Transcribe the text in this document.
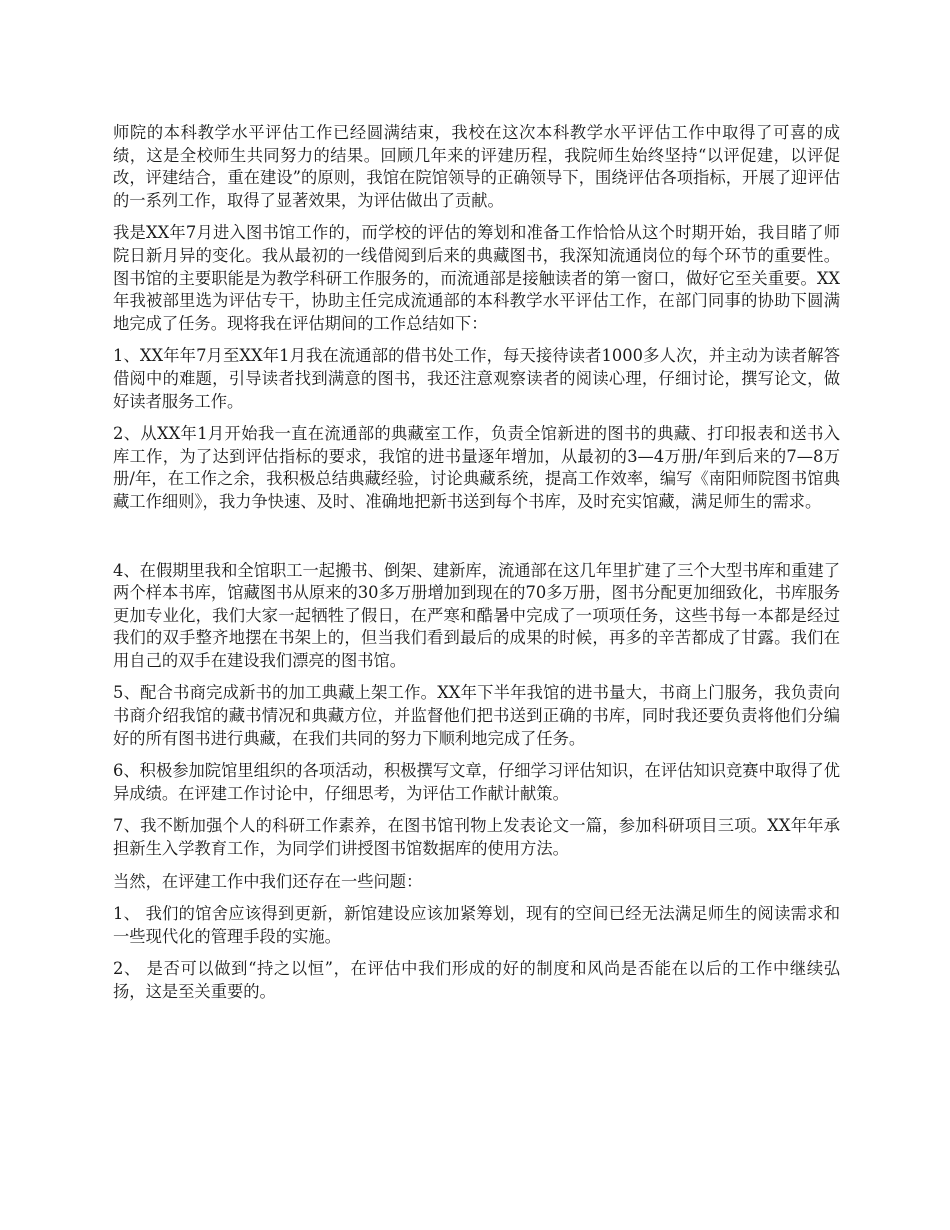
师院的本科教学水平评估工作已经圆满结束，我校在这次本科教学水平评估工作中取得了可喜的成绩，这是全校师生共同努力的结果。回顾几年来的评建历程，我院师生始终坚持“以评促建，以评促改，评建结合，重在建设”的原则，我馆在院馆领导的正确领导下，围绕评估各项指标，开展了迎评估的一系列工作，取得了显著效果，为评估做出了贡献。

我是XX年7月进入图书馆工作的，而学校的评估的筹划和准备工作恰恰从这个时期开始，我目睹了师院日新月异的变化。我从最初的一线借阅到后来的典藏图书，我深知流通岗位的每个环节的重要性。图书馆的主要职能是为教学科研工作服务的，而流通部是接触读者的第一窗口，做好它至关重要。XX年我被部里选为评估专干，协助主任完成流通部的本科教学水平评估工作，在部门同事的协助下圆满地完成了任务。现将我在评估期间的工作总结如下：

1、XX年年7月至XX年1月我在流通部的借书处工作，每天接待读者1000多人次，并主动为读者解答借阅中的难题，引导读者找到满意的图书，我还注意观察读者的阅读心理，仔细讨论，撰写论文，做好读者服务工作。

2、从XX年1月开始我一直在流通部的典藏室工作，负责全馆新进的图书的典藏、打印报表和送书入库工作，为了达到评估指标的要求，我馆的进书量逐年增加，从最初的3—4万册/年到后来的7—8万册/年，在工作之余，我积极总结典藏经验，讨论典藏系统，提高工作效率，编写《南阳师院图书馆典藏工作细则》，我力争快速、及时、准确地把新书送到每个书库，及时充实馆藏，满足师生的需求。

4、在假期里我和全馆职工一起搬书、倒架、建新库，流通部在这几年里扩建了三个大型书库和重建了两个样本书库，馆藏图书从原来的30多万册增加到现在的70多万册，图书分配更加细致化，书库服务更加专业化，我们大家一起牺牲了假日，在严寒和酷暑中完成了一项项任务，这些书每一本都是经过我们的双手整齐地摆在书架上的，但当我们看到最后的成果的时候，再多的辛苦都成了甘露。我们在用自己的双手在建设我们漂亮的图书馆。

5、配合书商完成新书的加工典藏上架工作。XX年下半年我馆的进书量大，书商上门服务，我负责向书商介绍我馆的藏书情况和典藏方位，并监督他们把书送到正确的书库，同时我还要负责将他们分编好的所有图书进行典藏，在我们共同的努力下顺利地完成了任务。

6、积极参加院馆里组织的各项活动，积极撰写文章，仔细学习评估知识，在评估知识竞赛中取得了优异成绩。在评建工作讨论中，仔细思考，为评估工作献计献策。

7、我不断加强个人的科研工作素养，在图书馆刊物上发表论文一篇，参加科研项目三项。XX年年承担新生入学教育工作，为同学们讲授图书馆数据库的使用方法。

当然，在评建工作中我们还存在一些问题：

1、 我们的馆舍应该得到更新，新馆建设应该加紧筹划，现有的空间已经无法满足师生的阅读需求和一些现代化的管理手段的实施。

2、 是否可以做到“持之以恒”，在评估中我们形成的好的制度和风尚是否能在以后的工作中继续弘扬，这是至关重要的。
